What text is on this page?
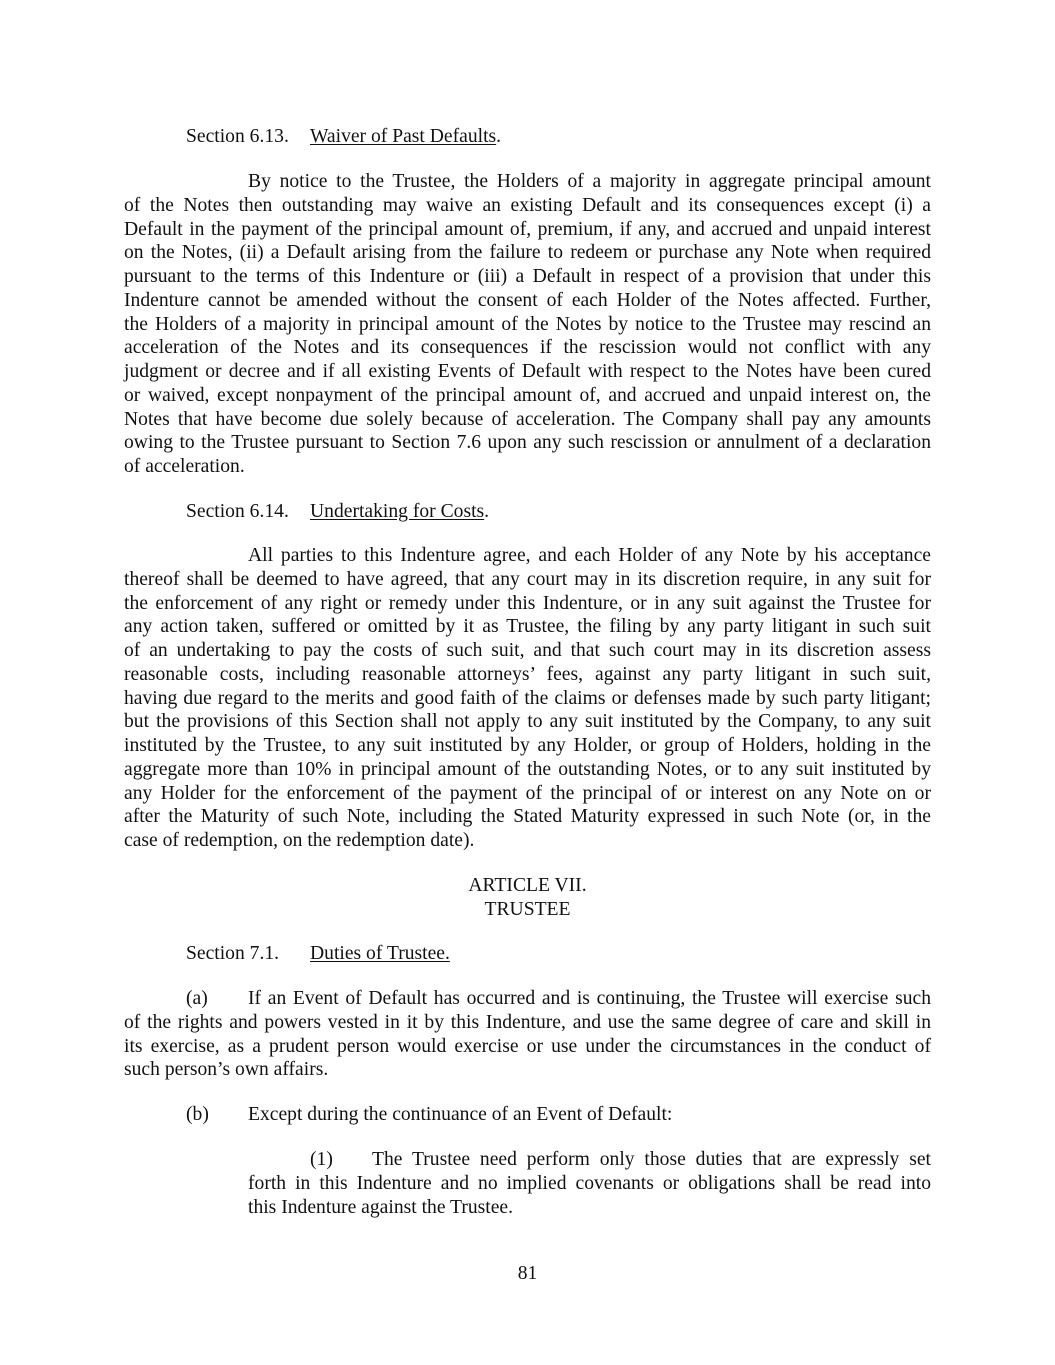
Section 6.13. Waiver of Past Defaults.
By notice to the Trustee, the Holders of a majority in aggregate principal amount
of the Notes then outstanding may waive an existing Default and its consequences except (i) a
Default in the payment of the principal amount of, premium, if any, and accrued and unpaid interest
on the Notes, (ii) a Default arising from the failure to redeem or purchase any Note when required
pursuant to the terms of this Indenture or (iii) a Default in respect of a provision that under this
Indenture cannot be amended without the consent of each Holder of the Notes affected. Further,
the Holders of a majority in principal amount of the Notes by notice to the Trustee may rescind an
acceleration of the Notes and its consequences if the rescission would not conflict with any
judgment or decree and if all existing Events of Default with respect to the Notes have been cured
or waived, except nonpayment of the principal amount of, and accrued and unpaid interest on, the
Notes that have become due solely because of acceleration. The Company shall pay any amounts
owing to the Trustee pursuant to Section 7.6 upon any such rescission or annulment of a declaration
of acceleration.
Section 6.14. Undertaking for Costs.
All parties to this Indenture agree, and each Holder of any Note by his acceptance
thereof shall be deemed to have agreed, that any court may in its discretion require, in any suit for
the enforcement of any right or remedy under this Indenture, or in any suit against the Trustee for
any action taken, suffered or omitted by it as Trustee, the filing by any party litigant in such suit
of an undertaking to pay the costs of such suit, and that such court may in its discretion assess
reasonable costs, including reasonable attorneys’ fees, against any party litigant in such suit,
having due regard to the merits and good faith of the claims or defenses made by such party litigant;
but the provisions of this Section shall not apply to any suit instituted by the Company, to any suit
instituted by the Trustee, to any suit instituted by any Holder, or group of Holders, holding in the
aggregate more than 10% in principal amount of the outstanding Notes, or to any suit instituted by
any Holder for the enforcement of the payment of the principal of or interest on any Note on or
after the Maturity of such Note, including the Stated Maturity expressed in such Note (or, in the
case of redemption, on the redemption date).
ARTICLE VII.
TRUSTEE
Section 7.1. Duties of Trustee.
(a) If an Event of Default has occurred and is continuing, the Trustee will exercise such
of the rights and powers vested in it by this Indenture, and use the same degree of care and skill in
its exercise, as a prudent person would exercise or use under the circumstances in the conduct of
such person’s own affairs.
(b) Except during the continuance of an Event of Default:
(1) The Trustee need perform only those duties that are expressly set
forth in this Indenture and no implied covenants or obligations shall be read into
this Indenture against the Trustee.
81
